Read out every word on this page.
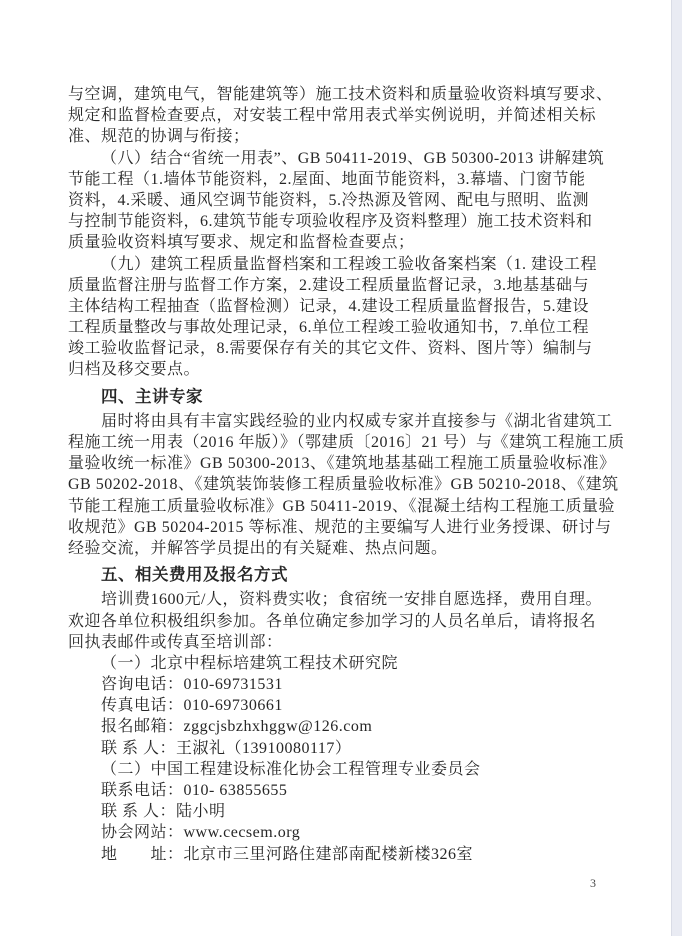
与空调，建筑电气，智能建筑等）施工技术资料和质量验收资料填写要求、
规定和监督检查要点，对安装工程中常用表式举实例说明，并简述相关标
准、规范的协调与衔接；
（八）结合“省统一用表”、GB 50411-2019、GB 50300-2013 讲解建筑
节能工程（1.墙体节能资料，2.屋面、地面节能资料，3.幕墙、门窗节能
资料，4.采暖、通风空调节能资料，5.冷热源及管网、配电与照明、监测
与控制节能资料，6.建筑节能专项验收程序及资料整理）施工技术资料和
质量验收资料填写要求、规定和监督检查要点；
（九）建筑工程质量监督档案和工程竣工验收备案档案（1. 建设工程
质量监督注册与监督工作方案，2.建设工程质量监督记录，3.地基基础与
主体结构工程抽查（监督检测）记录，4.建设工程质量监督报告，5.建设
工程质量整改与事故处理记录，6.单位工程竣工验收通知书，7.单位工程
竣工验收监督记录，8.需要保存有关的其它文件、资料、图片等）编制与
归档及移交要点。
四、主讲专家
届时将由具有丰富实践经验的业内权威专家并直接参与《湖北省建筑工
程施工统一用表（2016 年版）》（鄂建质〔2016〕21 号）与《建筑工程施工质
量验收统一标准》GB 50300-2013、《建筑地基基础工程施工质量验收标准》
GB 50202-2018、《建筑装饰装修工程质量验收标准》GB 50210-2018、《建筑
节能工程施工质量验收标准》GB 50411-2019、《混凝土结构工程施工质量验
收规范》GB 50204-2015 等标准、规范的主要编写人进行业务授课、研讨与
经验交流，并解答学员提出的有关疑难、热点问题。
五、相关费用及报名方式
培训费1600元/人，资料费实收；食宿统一安排自愿选择，费用自理。
欢迎各单位积极组织参加。各单位确定参加学习的人员名单后，请将报名
回执表邮件或传真至培训部：
（一）北京中程标培建筑工程技术研究院
咨询电话：010-69731531
传真电话：010-69730661
报名邮箱：zggcjsbzhxhggw@126.com
联 系 人：王淑礼（13910080117）
（二）中国工程建设标准化协会工程管理专业委员会
联系电话：010- 63855655
联 系 人：陆小明
协会网站：www.cecsem.org
地　　址：北京市三里河路住建部南配楼新楼326室
3
